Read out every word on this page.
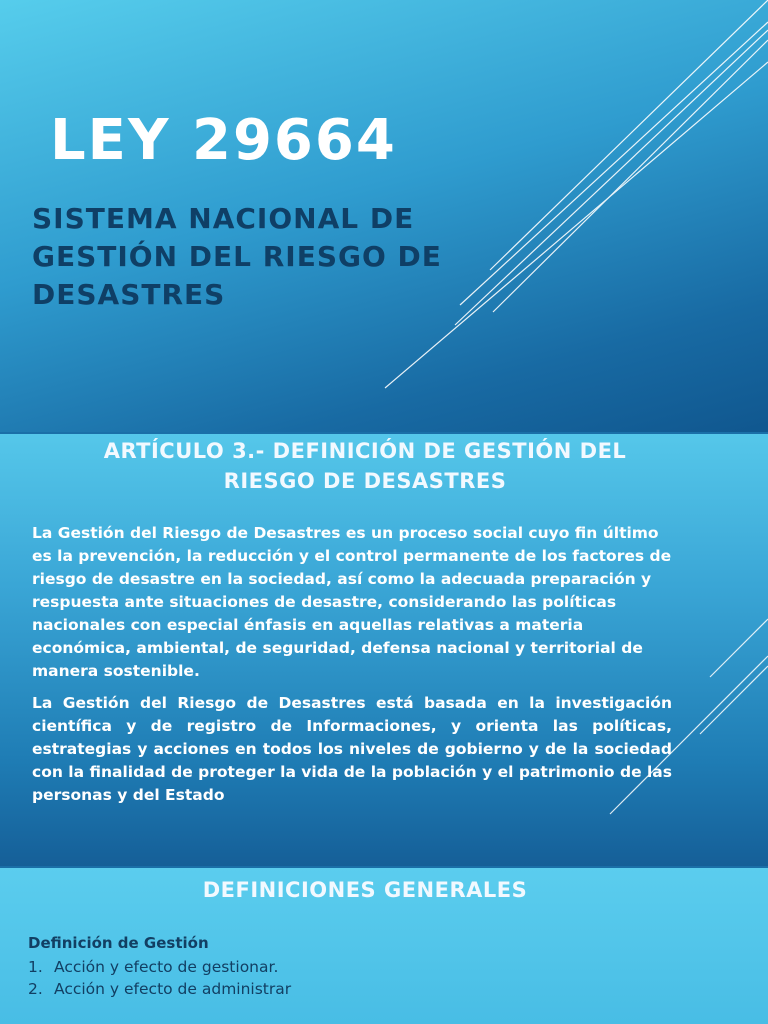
LEY 29664
SISTEMA NACIONAL DE GESTIÓN DEL RIESGO DE DESASTRES
ARTÍCULO 3.- DEFINICIÓN DE GESTIÓN DEL RIESGO DE DESASTRES

La Gestión del Riesgo de Desastres es un proceso social cuyo fin último es la prevención, la reducción y el control permanente de los factores de riesgo de desastre en la sociedad, así como la adecuada preparación y respuesta ante situaciones de desastre, considerando las políticas nacionales con especial énfasis en aquellas relativas a materia económica, ambiental, de seguridad, defensa nacional y territorial de manera sostenible.

La Gestión del Riesgo de Desastres está basada en la investigación científica y de registro de Informaciones, y orienta las políticas, estrategias y acciones en todos los niveles de gobierno y de la sociedad con la finalidad de proteger la vida de la población y el patrimonio de las personas y del Estado

DEFINICIONES GENERALES
Definición de Gestión
1. Acción y efecto de gestionar.
2. Acción y efecto de administrar
